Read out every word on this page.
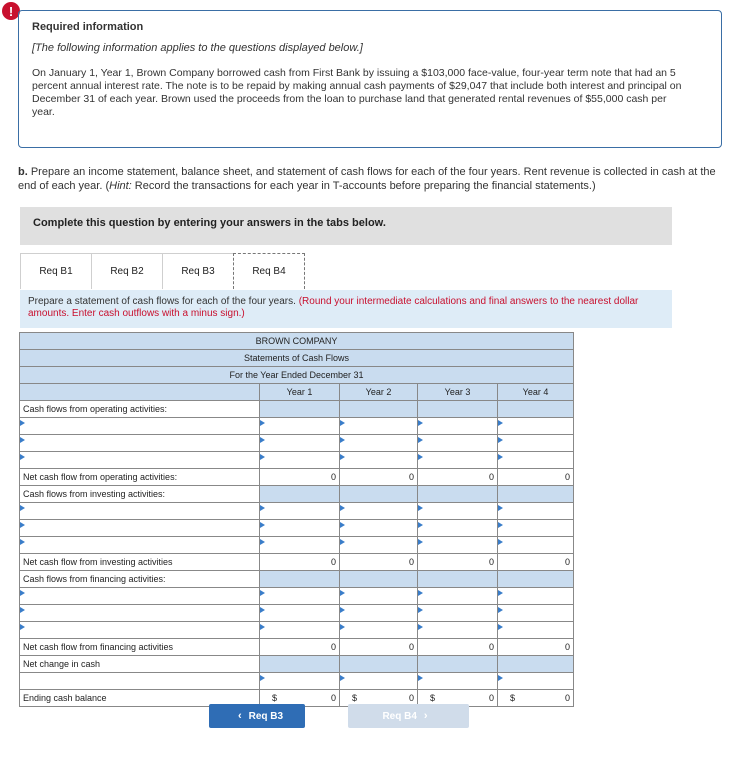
!
Required information
[The following information applies to the questions displayed below.]
On January 1, Year 1, Brown Company borrowed cash from First Bank by issuing a $103,000 face-value, four-year term note that had an 5 percent annual interest rate. The note is to be repaid by making annual cash payments of $29,047 that include both interest and principal on December 31 of each year. Brown used the proceeds from the loan to purchase land that generated rental revenues of $55,000 cash per year.
b. Prepare an income statement, balance sheet, and statement of cash flows for each of the four years. Rent revenue is collected in cash at the end of each year. (Hint: Record the transactions for each year in T-accounts before preparing the financial statements.)
Complete this question by entering your answers in the tabs below.
Req B1	Req B2	Req B3	Req B4
Prepare a statement of cash flows for each of the four years. (Round your intermediate calculations and final answers to the nearest dollar amounts. Enter cash outflows with a minus sign.)
BROWN COMPANY				
Statements of Cash Flows				
For the Year Ended December 31				
	Year 1	Year 2	Year 3	Year 4
Cash flows from operating activities:				

Net cash flow from operating activities:	0	0	0	0
Cash flows from investing activities:				

Net cash flow from investing activities	0	0	0	0
Cash flows from financing activities:				

Net cash flow from financing activities	0	0	0	0
Net change in cash				

Ending cash balance	$ 0	$ 0	$ 0	$ 0
‹ Req B3	Req B4 ›
